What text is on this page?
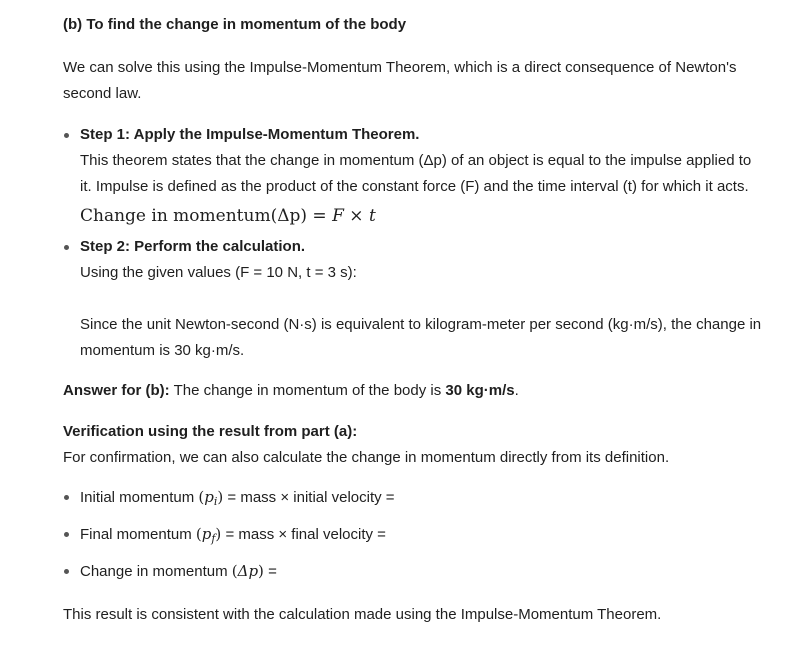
(b) To find the change in momentum of the body
We can solve this using the Impulse-Momentum Theorem, which is a direct consequence of Newton's second law.
Step 1: Apply the Impulse-Momentum Theorem.
This theorem states that the change in momentum (Δp) of an object is equal to the impulse applied to it. Impulse is defined as the product of the constant force (F) and the time interval (t) for which it acts.
Change in momentum(Δp) = F × t
Step 2: Perform the calculation.
Using the given values (F = 10 N, t = 3 s):
Since the unit Newton-second (N·s) is equivalent to kilogram-meter per second (kg·m/s), the change in momentum is 30 kg·m/s.
Answer for (b): The change in momentum of the body is 30 kg·m/s.
Verification using the result from part (a):
For confirmation, we can also calculate the change in momentum directly from its definition.
Initial momentum $(p_i)$ = mass × initial velocity =
Final momentum $(p_f)$ = mass × final velocity =
Change in momentum (Δp) =
This result is consistent with the calculation made using the Impulse-Momentum Theorem.
